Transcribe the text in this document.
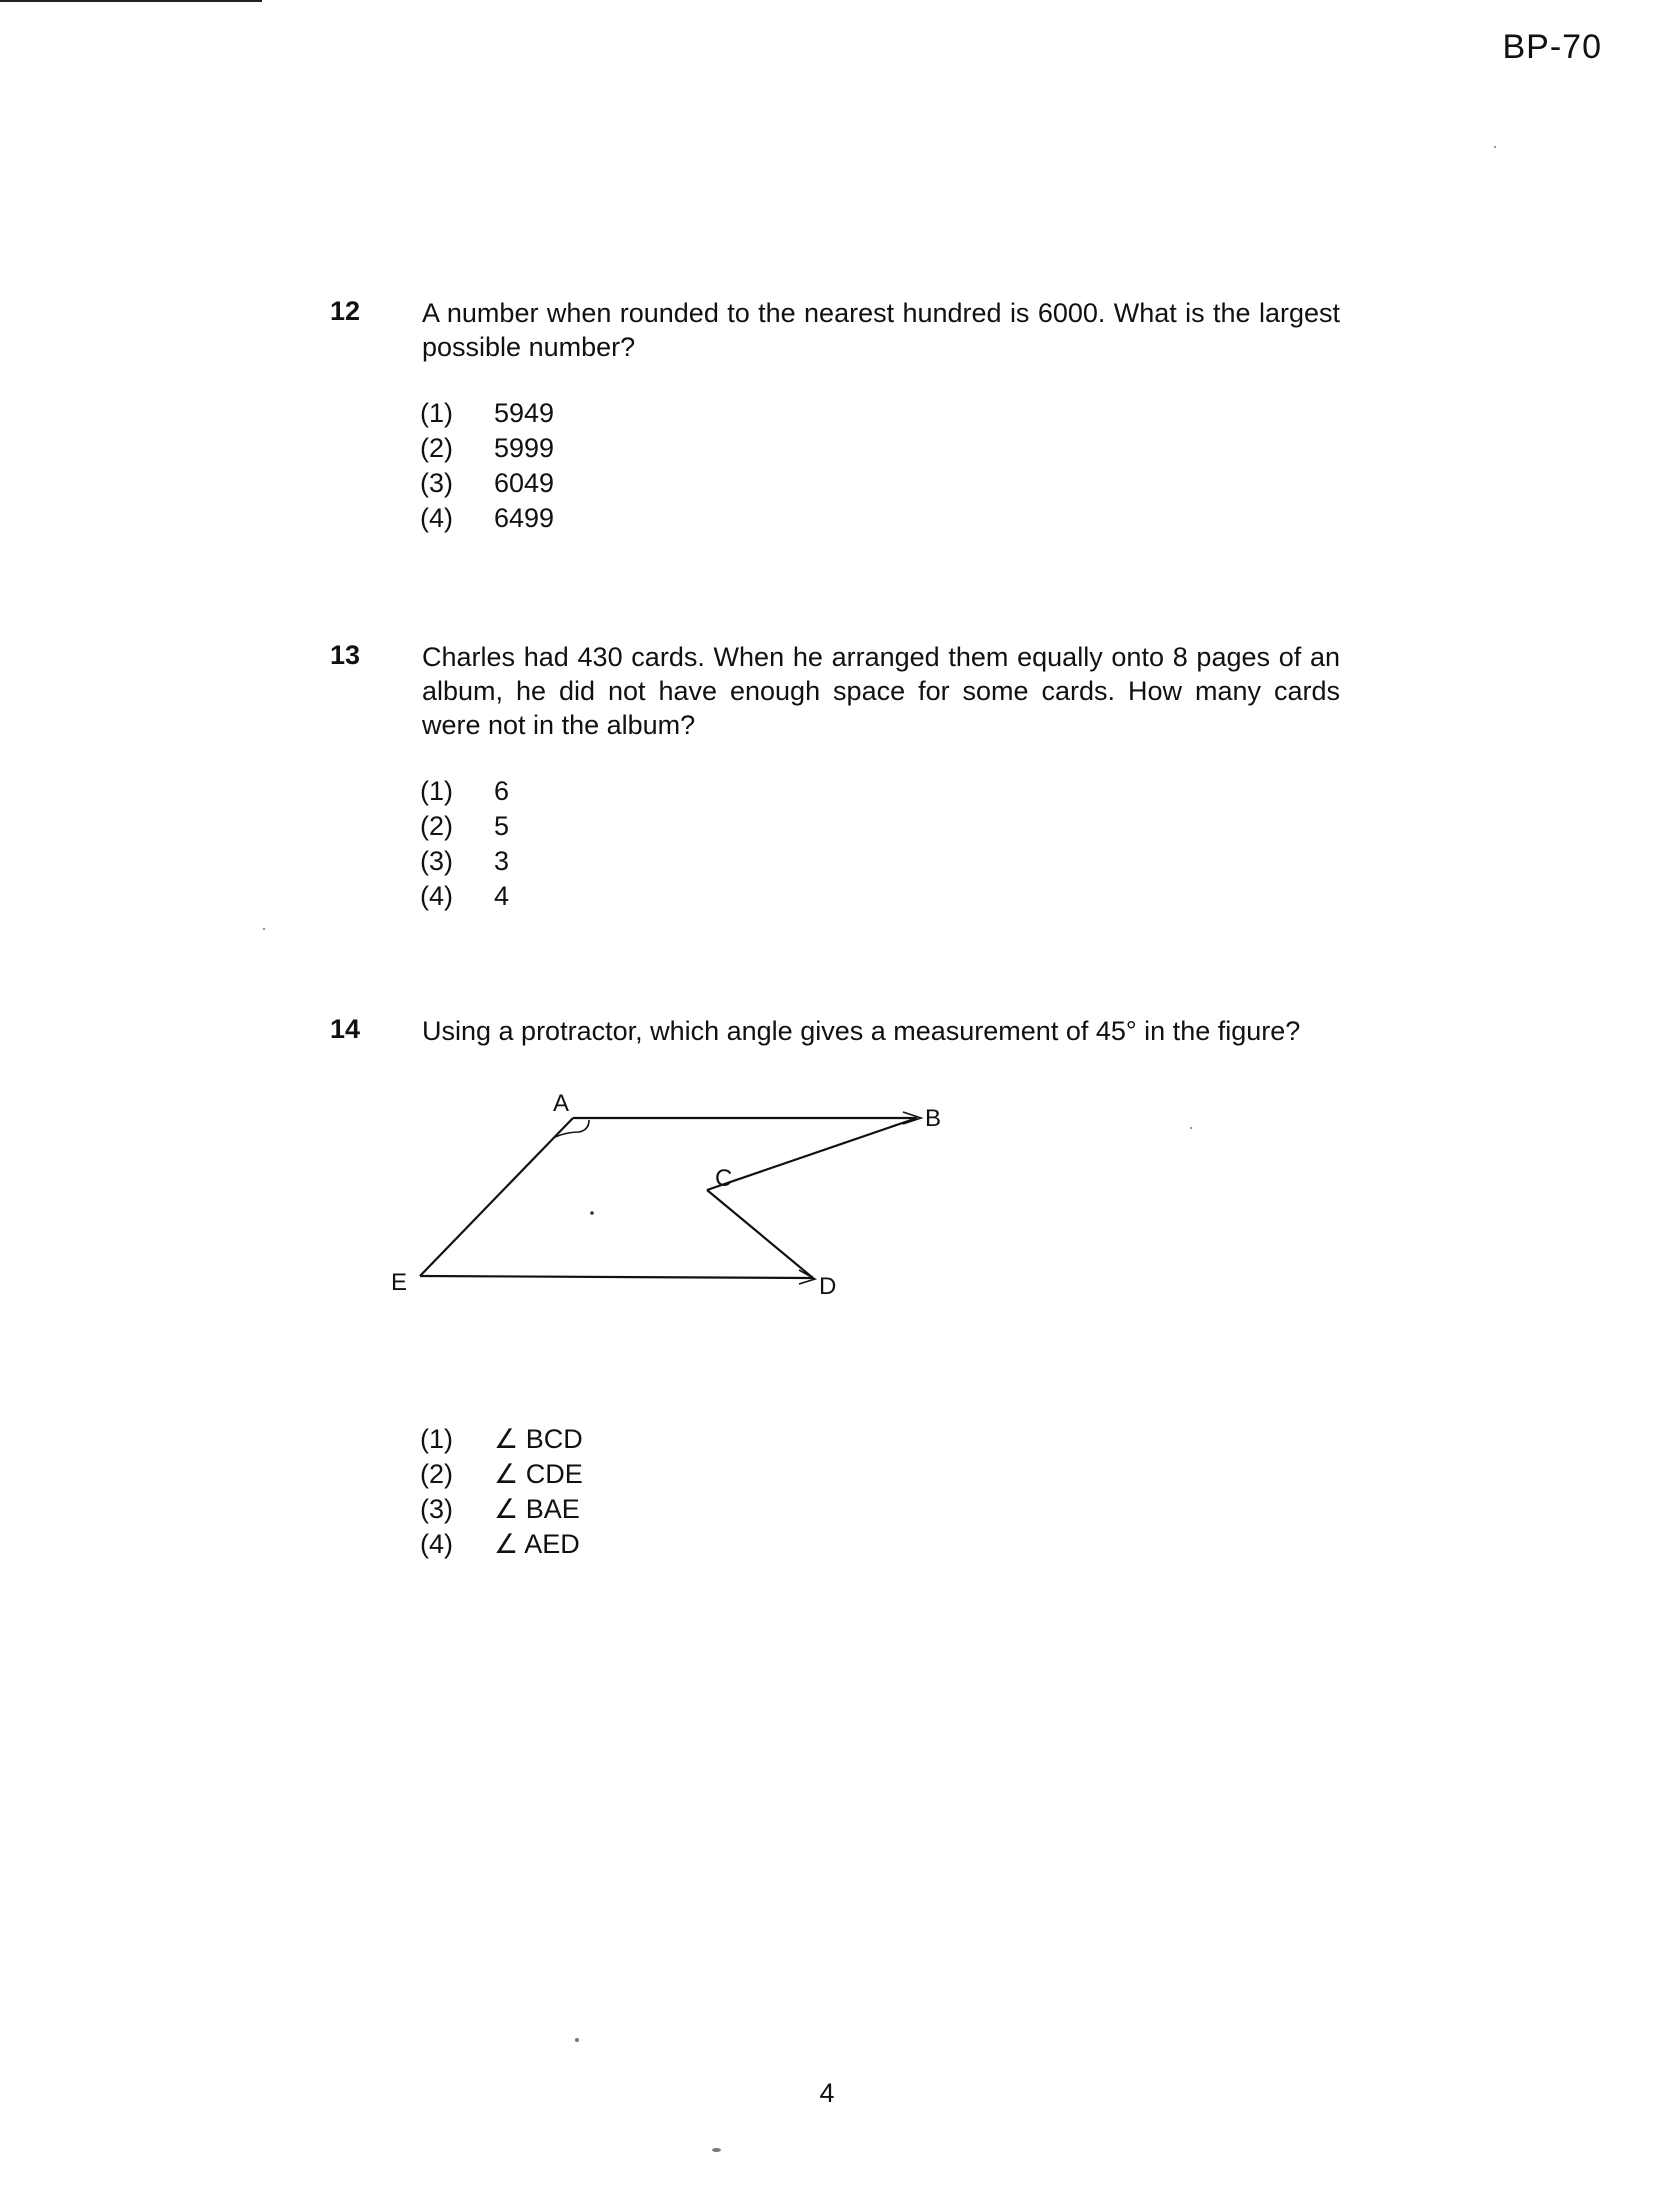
BP-70
12 A number when rounded to the nearest hundred is 6000. What is the largest possible number?
(1)	5949
(2)	5999
(3)	6049
(4)	6499
13 Charles had 430 cards. When he arranged them equally onto 8 pages of an album, he did not have enough space for some cards. How many cards were not in the album?
(1)	6
(2)	5
(3)	3
(4)	4
14 Using a protractor, which angle gives a measurement of 45° in the figure?
(1)	∠ BCD
(2)	∠ CDE
(3)	∠ BAE
(4)	∠ AED
A
B
C
D
E
4
